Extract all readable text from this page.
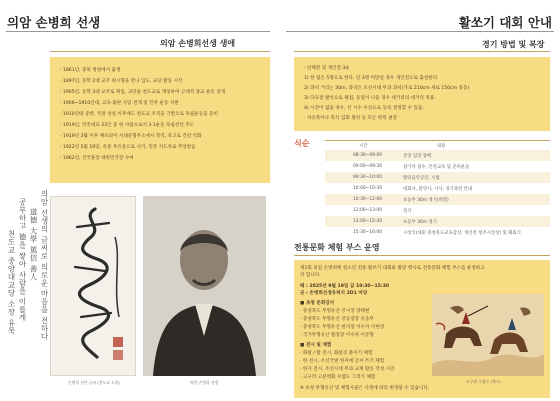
의암 손병희 선생	활쏘기 대회 안내
의암 손병희선생 생애
· 1861년, 충북 청원에서 출생
· 1897년, 동학 2대 교주 최시형을 만나 입도, 교단 활동 시작
· 1905년, 동학 3대 교주로 취임, 교단을 천도교로 개칭하여 근대적 종교 운동 전개
· 1906~1910년대, 교육·출판 사업 전개 및 민족 운동 지원
· 1910년대 중반, 국권 상실 이후에도 천도교 조직을 기반으로 독립운동을 준비
· 1919년, 민족대표 33인 중 한 사람으로서 3·1운동 독립선언 주도
· 1919년 3월 이후 체포되어 서대문형무소에서 복역, 옥고로 건강 악화
· 1922년 5월 19일, 옥중 후유증으로 서거, 민족 지도자로 추앙받음
· 1962년, 건국훈장 대한민국장 수여
의암 선생의 글씨로 의로운 마음을 전하다
道德 大學 篤信 善人
공부하고 德을 쌓아 사람을 이롭게
천도교 중앙대교당 소장 유묵
손병희 선본 글씨 (천도교 소장)	의암 손병희 선생
경기 방법 및 복장
· 단체전 및 개인전 3순
1) 한 팀은 5명으로 한다. 단 3명 미만일 경우 개인전으로 출전한다.
2) 과녁 거리는 30m, 과녁은 조선시대 무과 과녁(가로 210cm 세로 150cm 흥동)
3) 다득점 발석으로 채점, 동점이 나올 경우 대거리의 대거리 적용.
4) 시간이 없을 경우, 선 시수 우선으로 등록 결정할 수 있음.
· 자유복이나 복식 입회 철칙 등 모든 한복 권장
식순	시간	내용
08:30~09:00	궁장 입장 참배
09:00~09:30	참가자 접수, 안전교육 및 준비운동
09:30~10:00	활터음악공연, 시범
10:00~10:30	대회사, 환영사, 시사, 경기과련 안내
10:30~12:00	초등부 30m 경기(희망)
12:00~13:00	점식
13:00~15:30	초등부 30m 경기
15:30~16:00	시상식(대회 충청북도교육감상, 개인전 청주시장상) 및 폐회식
전통문화 체험 부스 운영
제1회 의암 손병희배 청소년 전통 활쏘기 대회와 발맞 행사로 전통문화 체험 부스를 운영하고
자 합니다.
때 : 2025년 9월 19일 금 10:30~15:30
곳 : 손병희선생유허지 2D1 마당
■ 초청 문화강사
· 충청북도 무형유산 궁시장 양태현
· 충청북도 무형유산 궁동장장 유웅무
· 충청북도 무형유산 한지장 이수자 이현영
· 국가무형유산 활장장 이수자 이준형
■ 전시 및 체험
· 화살 / 활 전시, 화살깃 붙이기 체험
· 한 전시, 조선국방 한지에 글씨 쓰기 체험
· 한지 전시, 조선시대 무과 교재 활동 작성 시연
· 고구려 고분벽화 수렵도 그리기 체험
※ 초청 무형유산 및 체험사물은 사정에 따라 변경될 수 있습니다.
고구려 수렵도 (예시)
